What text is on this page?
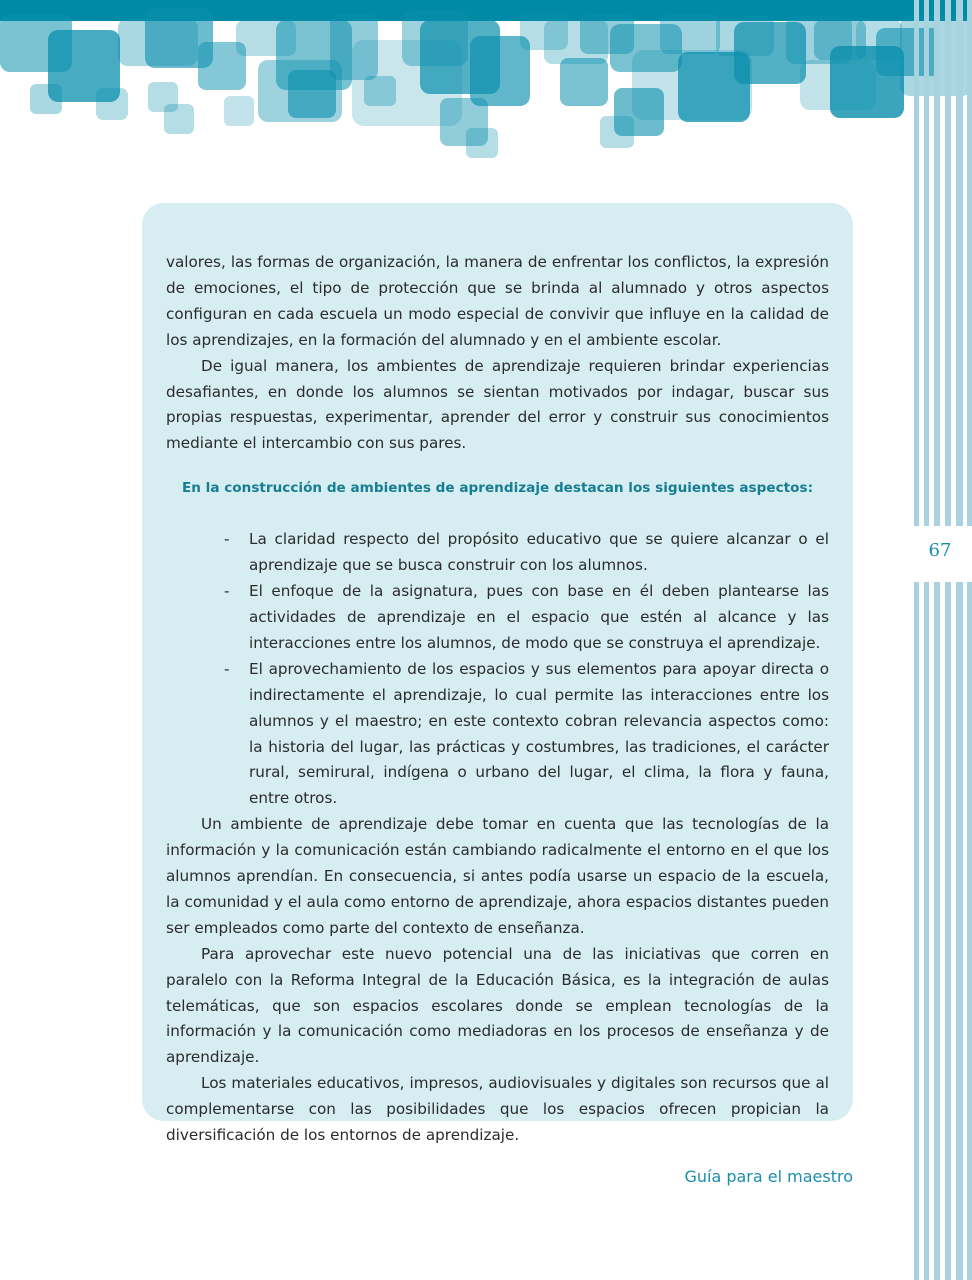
67

valores, las formas de organización, la manera de enfrentar los conflictos, la expresión de emociones, el tipo de protección que se brinda al alumnado y otros aspectos configuran en cada escuela un modo especial de convivir que influye en la calidad de los aprendizajes, en la formación del alumnado y en el ambiente escolar.

De igual manera, los ambientes de aprendizaje requieren brindar experiencias desafiantes, en donde los alumnos se sientan motivados por indagar, buscar sus propias respuestas, experimentar, aprender del error y construir sus conocimientos mediante el intercambio con sus pares.

En la construcción de ambientes de aprendizaje destacan los siguientes aspectos:
- La claridad respecto del propósito educativo que se quiere alcanzar o el aprendizaje que se busca construir con los alumnos.
- El enfoque de la asignatura, pues con base en él deben plantearse las actividades de aprendizaje en el espacio que estén al alcance y las interacciones entre los alumnos, de modo que se construya el aprendizaje.
- El aprovechamiento de los espacios y sus elementos para apoyar directa o indirectamente el aprendizaje, lo cual permite las interacciones entre los alumnos y el maestro; en este contexto cobran relevancia aspectos como: la historia del lugar, las prácticas y costumbres, las tradiciones, el carácter rural, semirural, indígena o urbano del lugar, el clima, la flora y fauna, entre otros.

Un ambiente de aprendizaje debe tomar en cuenta que las tecnologías de la información y la comunicación están cambiando radicalmente el entorno en el que los alumnos aprendían. En consecuencia, si antes podía usarse un espacio de la escuela, la comunidad y el aula como entorno de aprendizaje, ahora espacios distantes pueden ser empleados como parte del contexto de enseñanza.

Para aprovechar este nuevo potencial una de las iniciativas que corren en paralelo con la Reforma Integral de la Educación Básica, es la integración de aulas telemáticas, que son espacios escolares donde se emplean tecnologías de la información y la comunicación como mediadoras en los procesos de enseñanza y de aprendizaje.

Los materiales educativos, impresos, audiovisuales y digitales son recursos que al complementarse con las posibilidades que los espacios ofrecen propician la diversificación de los entornos de aprendizaje.

Guía para el maestro
